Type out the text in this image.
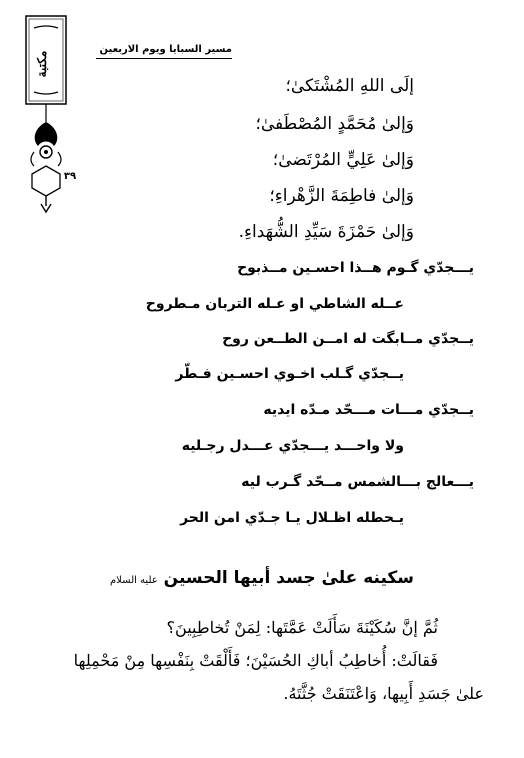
مسير السبايا ويوم الاربعين
مكتبة
٣٩
إلَى اللهِ المُشْتَكىٰ؛
وَإلىٰ مُحَمَّدٍ المُصْطَفىٰ؛
وَإلىٰ عَلِيٍّ المُرْتَضىٰ؛
وَإلىٰ فاطِمَةَ الزَّهْراءِ؛
وَإلىٰ حَمْزَةَ سَيِّدِ الشُّهَداءِ.
يـــجدّي گـوم هــذا احسـين مــذبوح
عــله الشاطي او عـله التربان مـطروح
يــجدّي مــابگت له امــن الطــعن روح
يــجدّي گـلب اخـوي احسـين فـطّر
يــجدّي مـــات مـــحّد مـدّه ايديه
ولا واحـــد يـــجدّي عـــدل رجـليه
يـــعالج بـــالشمس مــحّد گـرب ليه
يـحطله اظـلال يـا جـدّي امن الحر
سكينه علىٰ جسد أبيها الحسين عليه السلام
ثُمَّ إنَّ سُكَيْنَةَ سَأَلَتْ عَمَّتَها: لِمَنْ تُخاطِبِينَ؟
فَقالَتْ: أُخاطِبُ أباكِ الحُسَيْنَ؛ فَأَلْقَتْ بِنَفْسِها مِنْ مَحْمِلِها
علىٰ جَسَدِ أَبِيها، وَاعْتَنَقَتْ جُثَّتَهُ.
